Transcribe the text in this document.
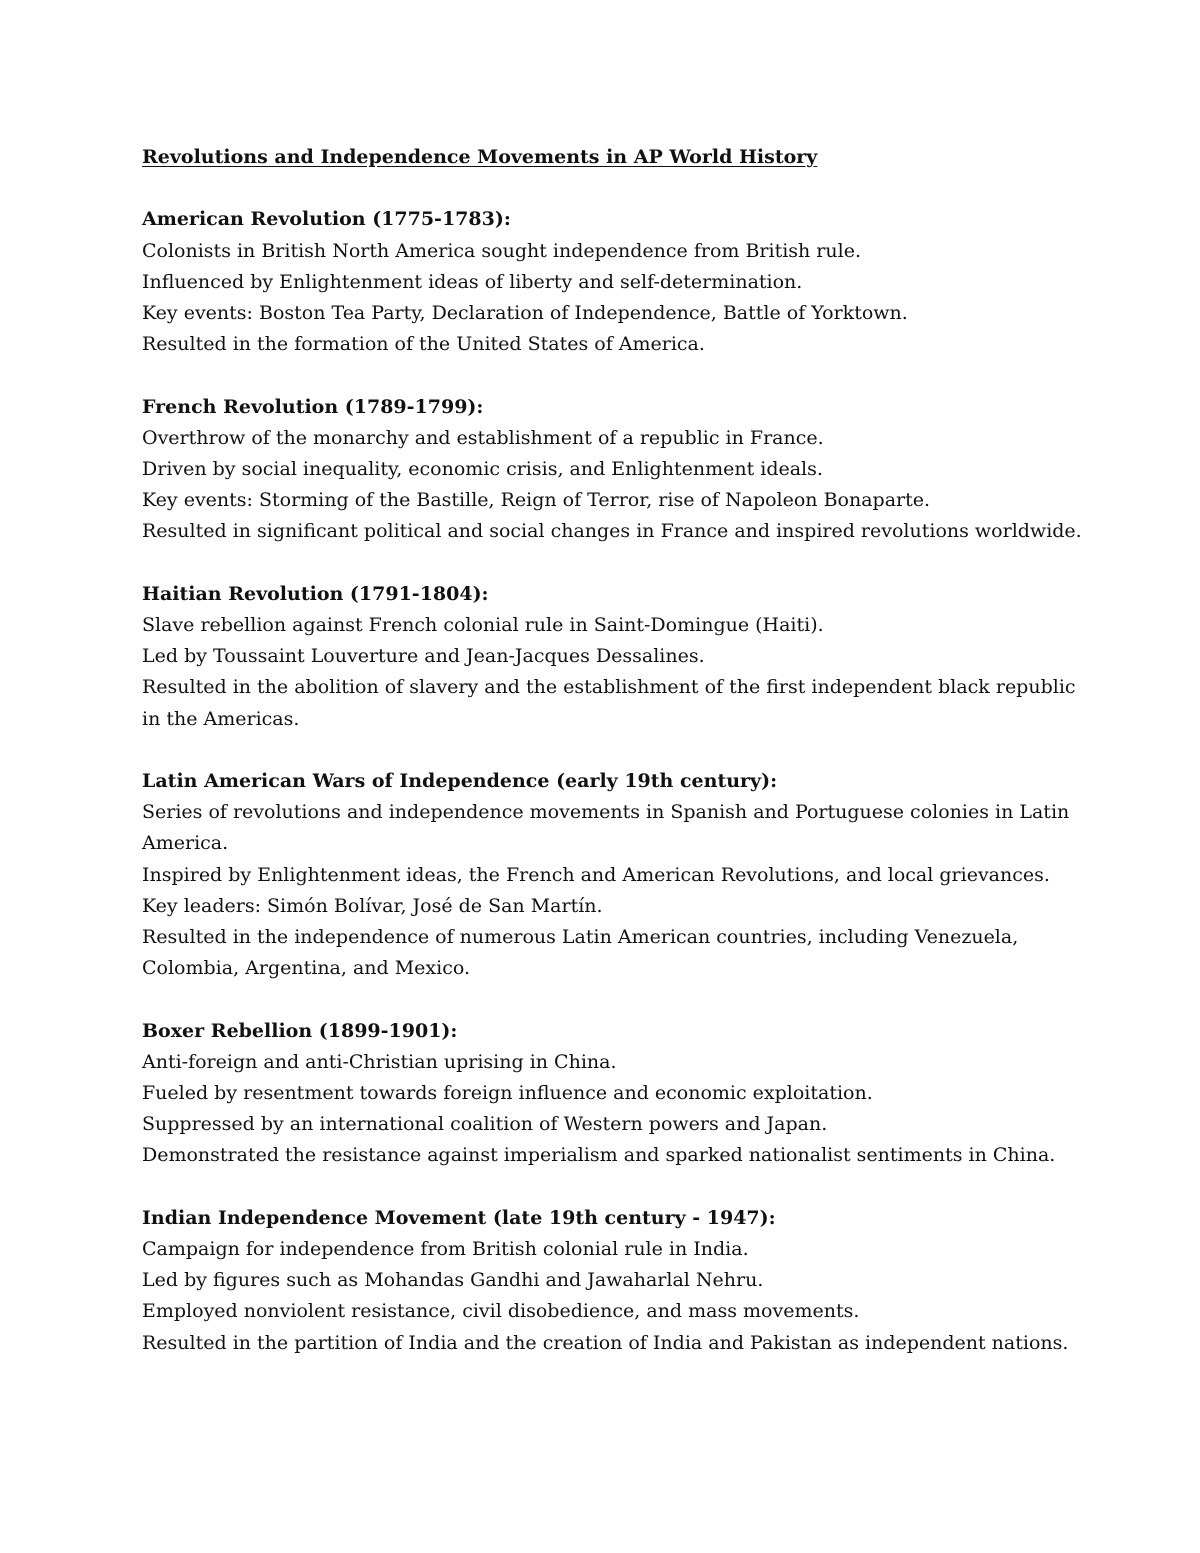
Revolutions and Independence Movements in AP World History
American Revolution (1775-1783):
Colonists in British North America sought independence from British rule.
Influenced by Enlightenment ideas of liberty and self-determination.
Key events: Boston Tea Party, Declaration of Independence, Battle of Yorktown.
Resulted in the formation of the United States of America.
French Revolution (1789-1799):
Overthrow of the monarchy and establishment of a republic in France.
Driven by social inequality, economic crisis, and Enlightenment ideals.
Key events: Storming of the Bastille, Reign of Terror, rise of Napoleon Bonaparte.
Resulted in significant political and social changes in France and inspired revolutions worldwide.
Haitian Revolution (1791-1804):
Slave rebellion against French colonial rule in Saint-Domingue (Haiti).
Led by Toussaint Louverture and Jean-Jacques Dessalines.
Resulted in the abolition of slavery and the establishment of the first independent black republic
in the Americas.
Latin American Wars of Independence (early 19th century):
Series of revolutions and independence movements in Spanish and Portuguese colonies in Latin
America.
Inspired by Enlightenment ideas, the French and American Revolutions, and local grievances.
Key leaders: Simón Bolívar, José de San Martín.
Resulted in the independence of numerous Latin American countries, including Venezuela,
Colombia, Argentina, and Mexico.
Boxer Rebellion (1899-1901):
Anti-foreign and anti-Christian uprising in China.
Fueled by resentment towards foreign influence and economic exploitation.
Suppressed by an international coalition of Western powers and Japan.
Demonstrated the resistance against imperialism and sparked nationalist sentiments in China.
Indian Independence Movement (late 19th century - 1947):
Campaign for independence from British colonial rule in India.
Led by figures such as Mohandas Gandhi and Jawaharlal Nehru.
Employed nonviolent resistance, civil disobedience, and mass movements.
Resulted in the partition of India and the creation of India and Pakistan as independent nations.
